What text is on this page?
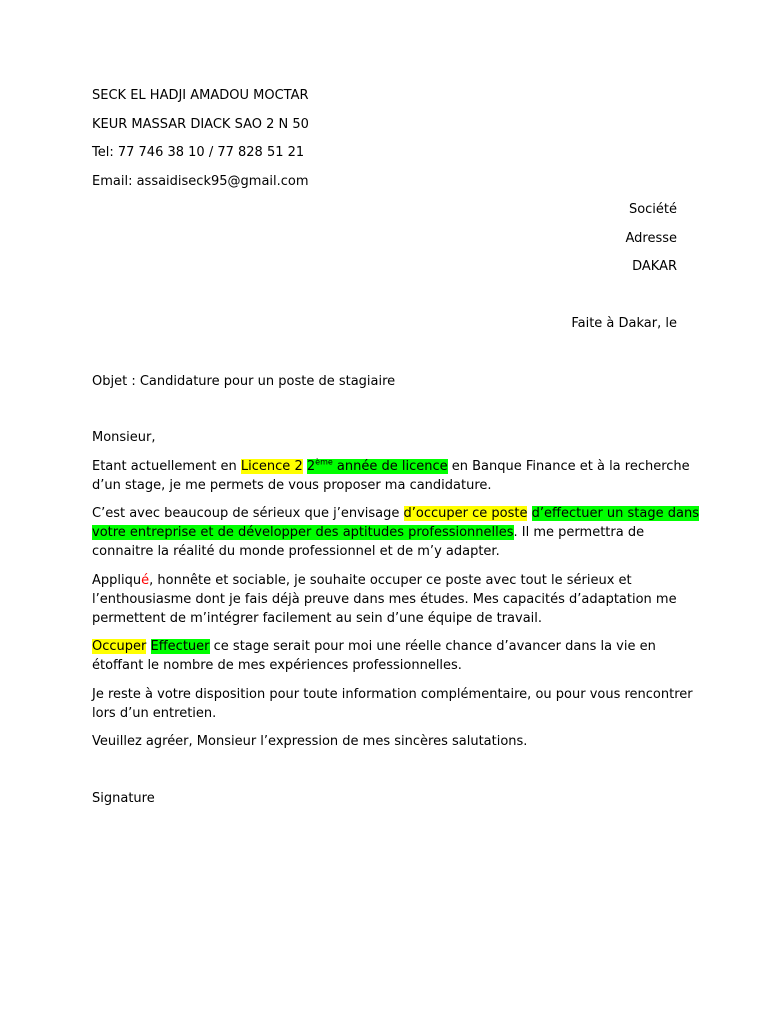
SECK EL HADJI AMADOU MOCTAR
KEUR MASSAR DIACK SAO 2 N 50
Tel: 77 746 38 10 / 77 828 51 21
Email: assaidiseck95@gmail.com
Société
Adresse
DAKAR
Faite à Dakar, le
Objet : Candidature pour un poste de stagiaire
Monsieur,
Etant actuellement en Licence 2 2ème année de licence en Banque Finance et à la recherche
d’un stage, je me permets de vous proposer ma candidature.
C’est avec beaucoup de sérieux que j’envisage d’occuper ce poste d’effectuer un stage dans
votre entreprise et de développer des aptitudes professionnelles. Il me permettra de
connaitre la réalité du monde professionnel et de m’y adapter.
Appliqué, honnête et sociable, je souhaite occuper ce poste avec tout le sérieux et
l’enthousiasme dont je fais déjà preuve dans mes études. Mes capacités d’adaptation me
permettent de m’intégrer facilement au sein d’une équipe de travail.
Occuper Effectuer ce stage serait pour moi une réelle chance d’avancer dans la vie en
étoffant le nombre de mes expériences professionnelles.
Je reste à votre disposition pour toute information complémentaire, ou pour vous rencontrer
lors d’un entretien.
Veuillez agréer, Monsieur l’expression de mes sincères salutations.
Signature
